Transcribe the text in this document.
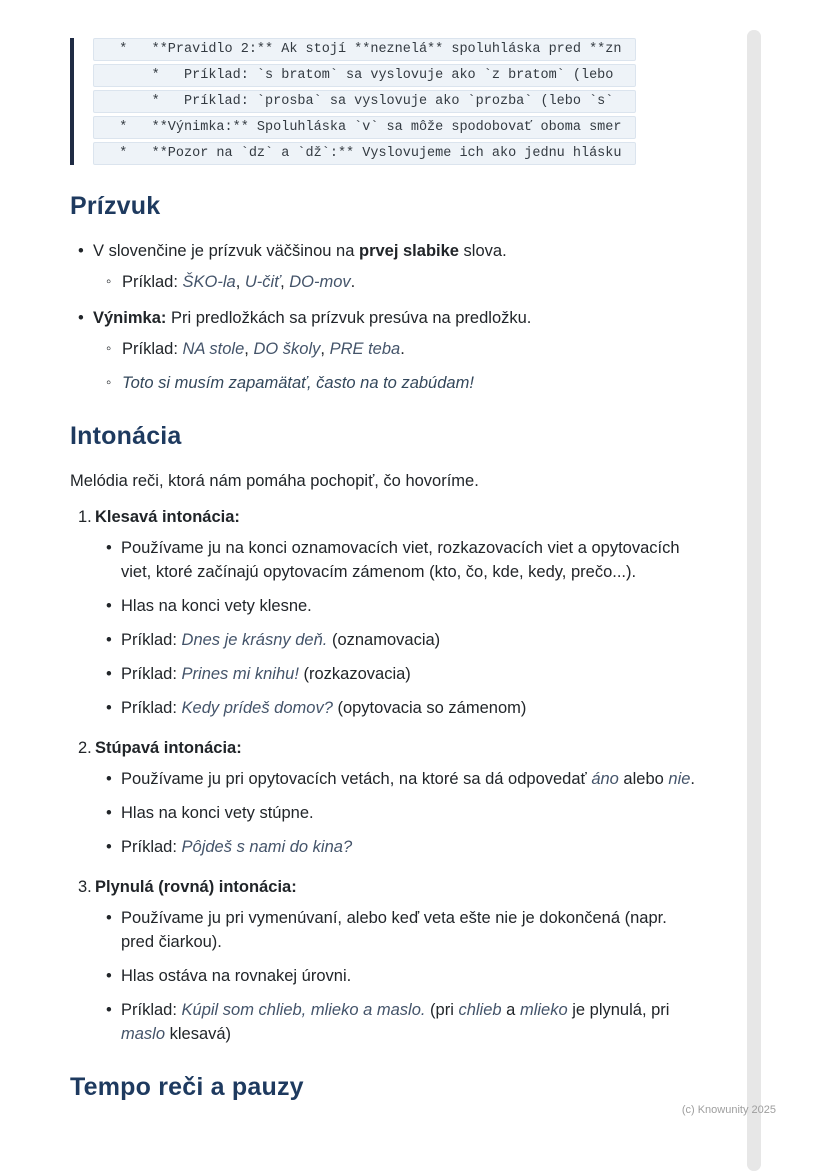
*   **Pravidlo 2:** Ak stojí **neznelá** spoluhláska pred **zn
*   Príklad: `s bratom` sa vyslovuje ako `z bratom` (lebo
*   Príklad: `prosba` sa vyslovuje ako `prozba` (lebo `s`
*   **Výnimka:** Spoluhláska `v` sa môže spodobovať oboma smer
*   **Pozor na `dz` a `dž`:** Vyslovujeme ich ako jednu hlásku
Prízvuk
• V slovenčine je prízvuk väčšinou na prvej slabike slova.
◦ Príklad: ŠKO-la, U-čiť, DO-mov.
• Výnimka: Pri predložkách sa prízvuk presúva na predložku.
◦ Príklad: NA stole, DO školy, PRE teba.
◦ Toto si musím zapamätať, často na to zabúdam!
Intonácia

Melódia reči, ktorá nám pomáha pochopiť, čo hovoríme.

1. Klesavá intonácia:
• Používame ju na konci oznamovacích viet, rozkazovacích viet a opytovacích viet, ktoré začínajú opytovacím zámenom (kto, čo, kde, kedy, prečo...).
• Hlas na konci vety klesne.
• Príklad: Dnes je krásny deň. (oznamovacia)
• Príklad: Prines mi knihu! (rozkazovacia)
• Príklad: Kedy prídeš domov? (opytovacia so zámenom)
2. Stúpavá intonácia:
• Používame ju pri opytovacích vetách, na ktoré sa dá odpovedať áno alebo nie.
• Hlas na konci vety stúpne.
• Príklad: Pôjdeš s nami do kina?
3. Plynulá (rovná) intonácia:
• Používame ju pri vymenúvaní, alebo keď veta ešte nie je dokončená (napr. pred čiarkou).
• Hlas ostáva na rovnakej úrovni.
• Príklad: Kúpil som chlieb, mlieko a maslo. (pri chlieb a mlieko je plynulá, pri maslo klesavá)
Tempo reči a pauzy
(c) Knowunity 2025
